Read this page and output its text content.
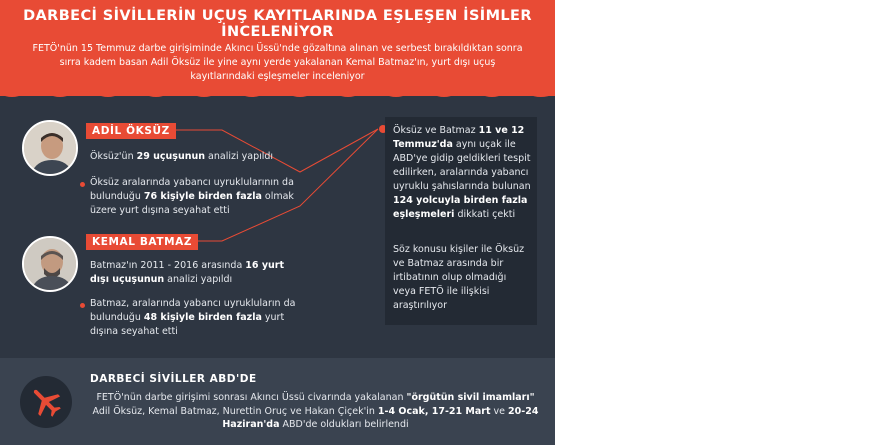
DARBECİ SİVİLLERİN UÇUŞ KAYITLARINDA EŞLEŞEN İSİMLER İNCELENİYOR
FETÖ'nün 15 Temmuz darbe girişiminde Akıncı Üssü'nde gözaltına alınan ve serbest bırakıldıktan sonra sırra kadem basan Adil Öksüz ile yine aynı yerde yakalanan Kemal Batmaz'ın, yurt dışı uçuş kayıtlarındaki eşleşmeler inceleniyor
ADİL ÖKSÜZ
Öksüz'ün 29 uçuşunun analizi yapıldı
Öksüz aralarında yabancı uyruklularının da bulunduğu 76 kişiyle birden fazla olmak üzere yurt dışına seyahat etti
KEMAL BATMAZ
Batmaz'ın 2011 - 2016 arasında 16 yurt dışı uçuşunun analizi yapıldı
Batmaz, aralarında yabancı uyrukluların da bulunduğu 48 kişiyle birden fazla yurt dışına seyahat etti
Öksüz ve Batmaz 11 ve 12 Temmuz'da aynı uçak ile ABD'ye gidip geldikleri tespit edilirken, aralarında yabancı uyruklu şahıslarında bulunan 124 yolcuyla birden fazla eşleşmeleri dikkati çekti
Söz konusu kişiler ile Öksüz ve Batmaz arasında bir irtibatının olup olmadığı veya FETÖ ile ilişkisi araştırılıyor
DARBECİ SİVİLLER ABD'DE
FETÖ'nün darbe girişimi sonrası Akıncı Üssü civarında yakalanan "örgütün sivil imamları" Adil Öksüz, Kemal Batmaz, Nurettin Oruç ve Hakan Çiçek'in 1-4 Ocak, 17-21 Mart ve 20-24 Haziran'da ABD'de oldukları belirlendi
